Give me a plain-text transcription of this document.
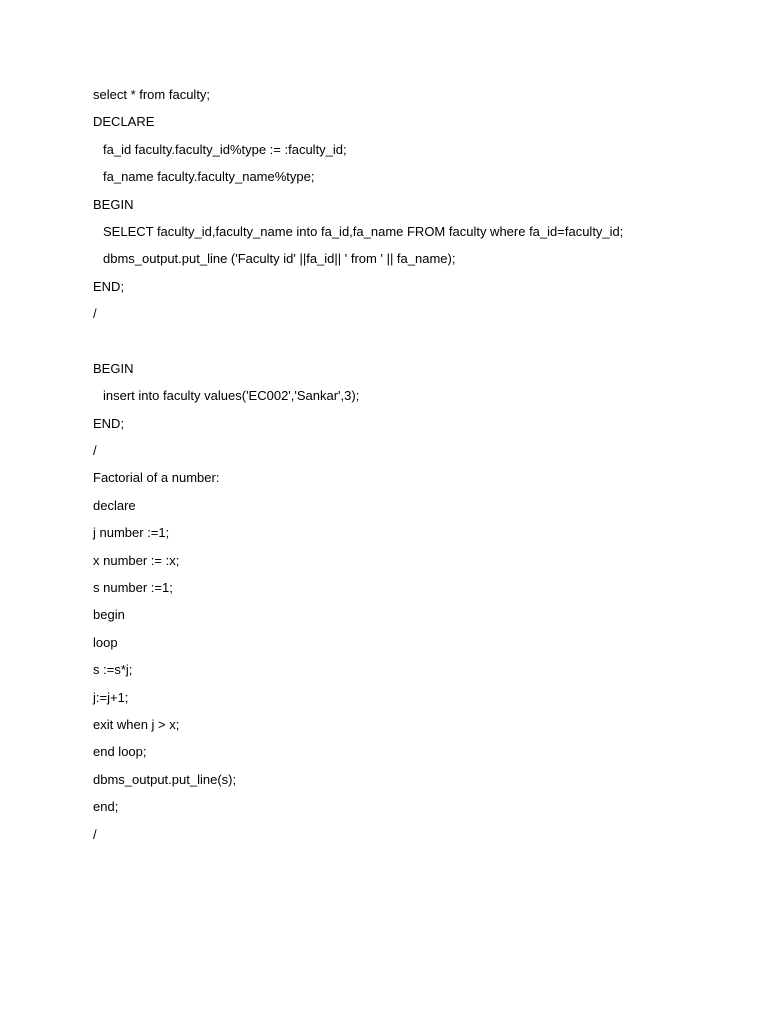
select * from faculty;
DECLARE
fa_id faculty.faculty_id%type := :faculty_id;
fa_name faculty.faculty_name%type;
BEGIN
SELECT faculty_id,faculty_name into fa_id,fa_name FROM faculty where fa_id=faculty_id;
dbms_output.put_line ('Faculty id' ||fa_id|| ' from ' || fa_name);
END;
/
BEGIN
insert into faculty values('EC002','Sankar',3);
END;
/
Factorial of a number:
declare
j number :=1;
x number := :x;
s number :=1;
begin
loop
s :=s*j;
j:=j+1;
exit when j > x;
end loop;
dbms_output.put_line(s);
end;
/
